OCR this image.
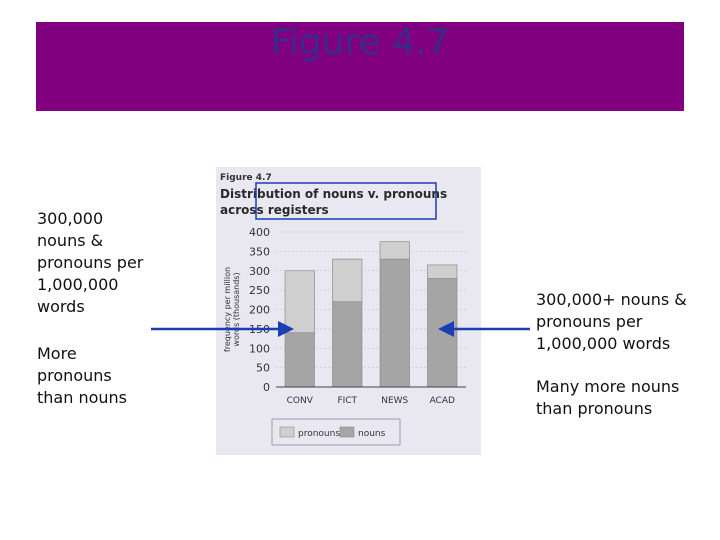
Figure 4.7
300,000
nouns &
pronouns per
1,000,000
words
More
pronouns
than nouns
300,000+ nouns &
pronouns per
1,000,000 words
Many more nouns
than pronouns
Figure 4.7
Distribution of nouns v. pronouns across registers
frequency per millionwords (thousands)
0
50
100
150
200
250
300
350
400
CONV	FICT	NEWS ACAD
pronouns nouns
